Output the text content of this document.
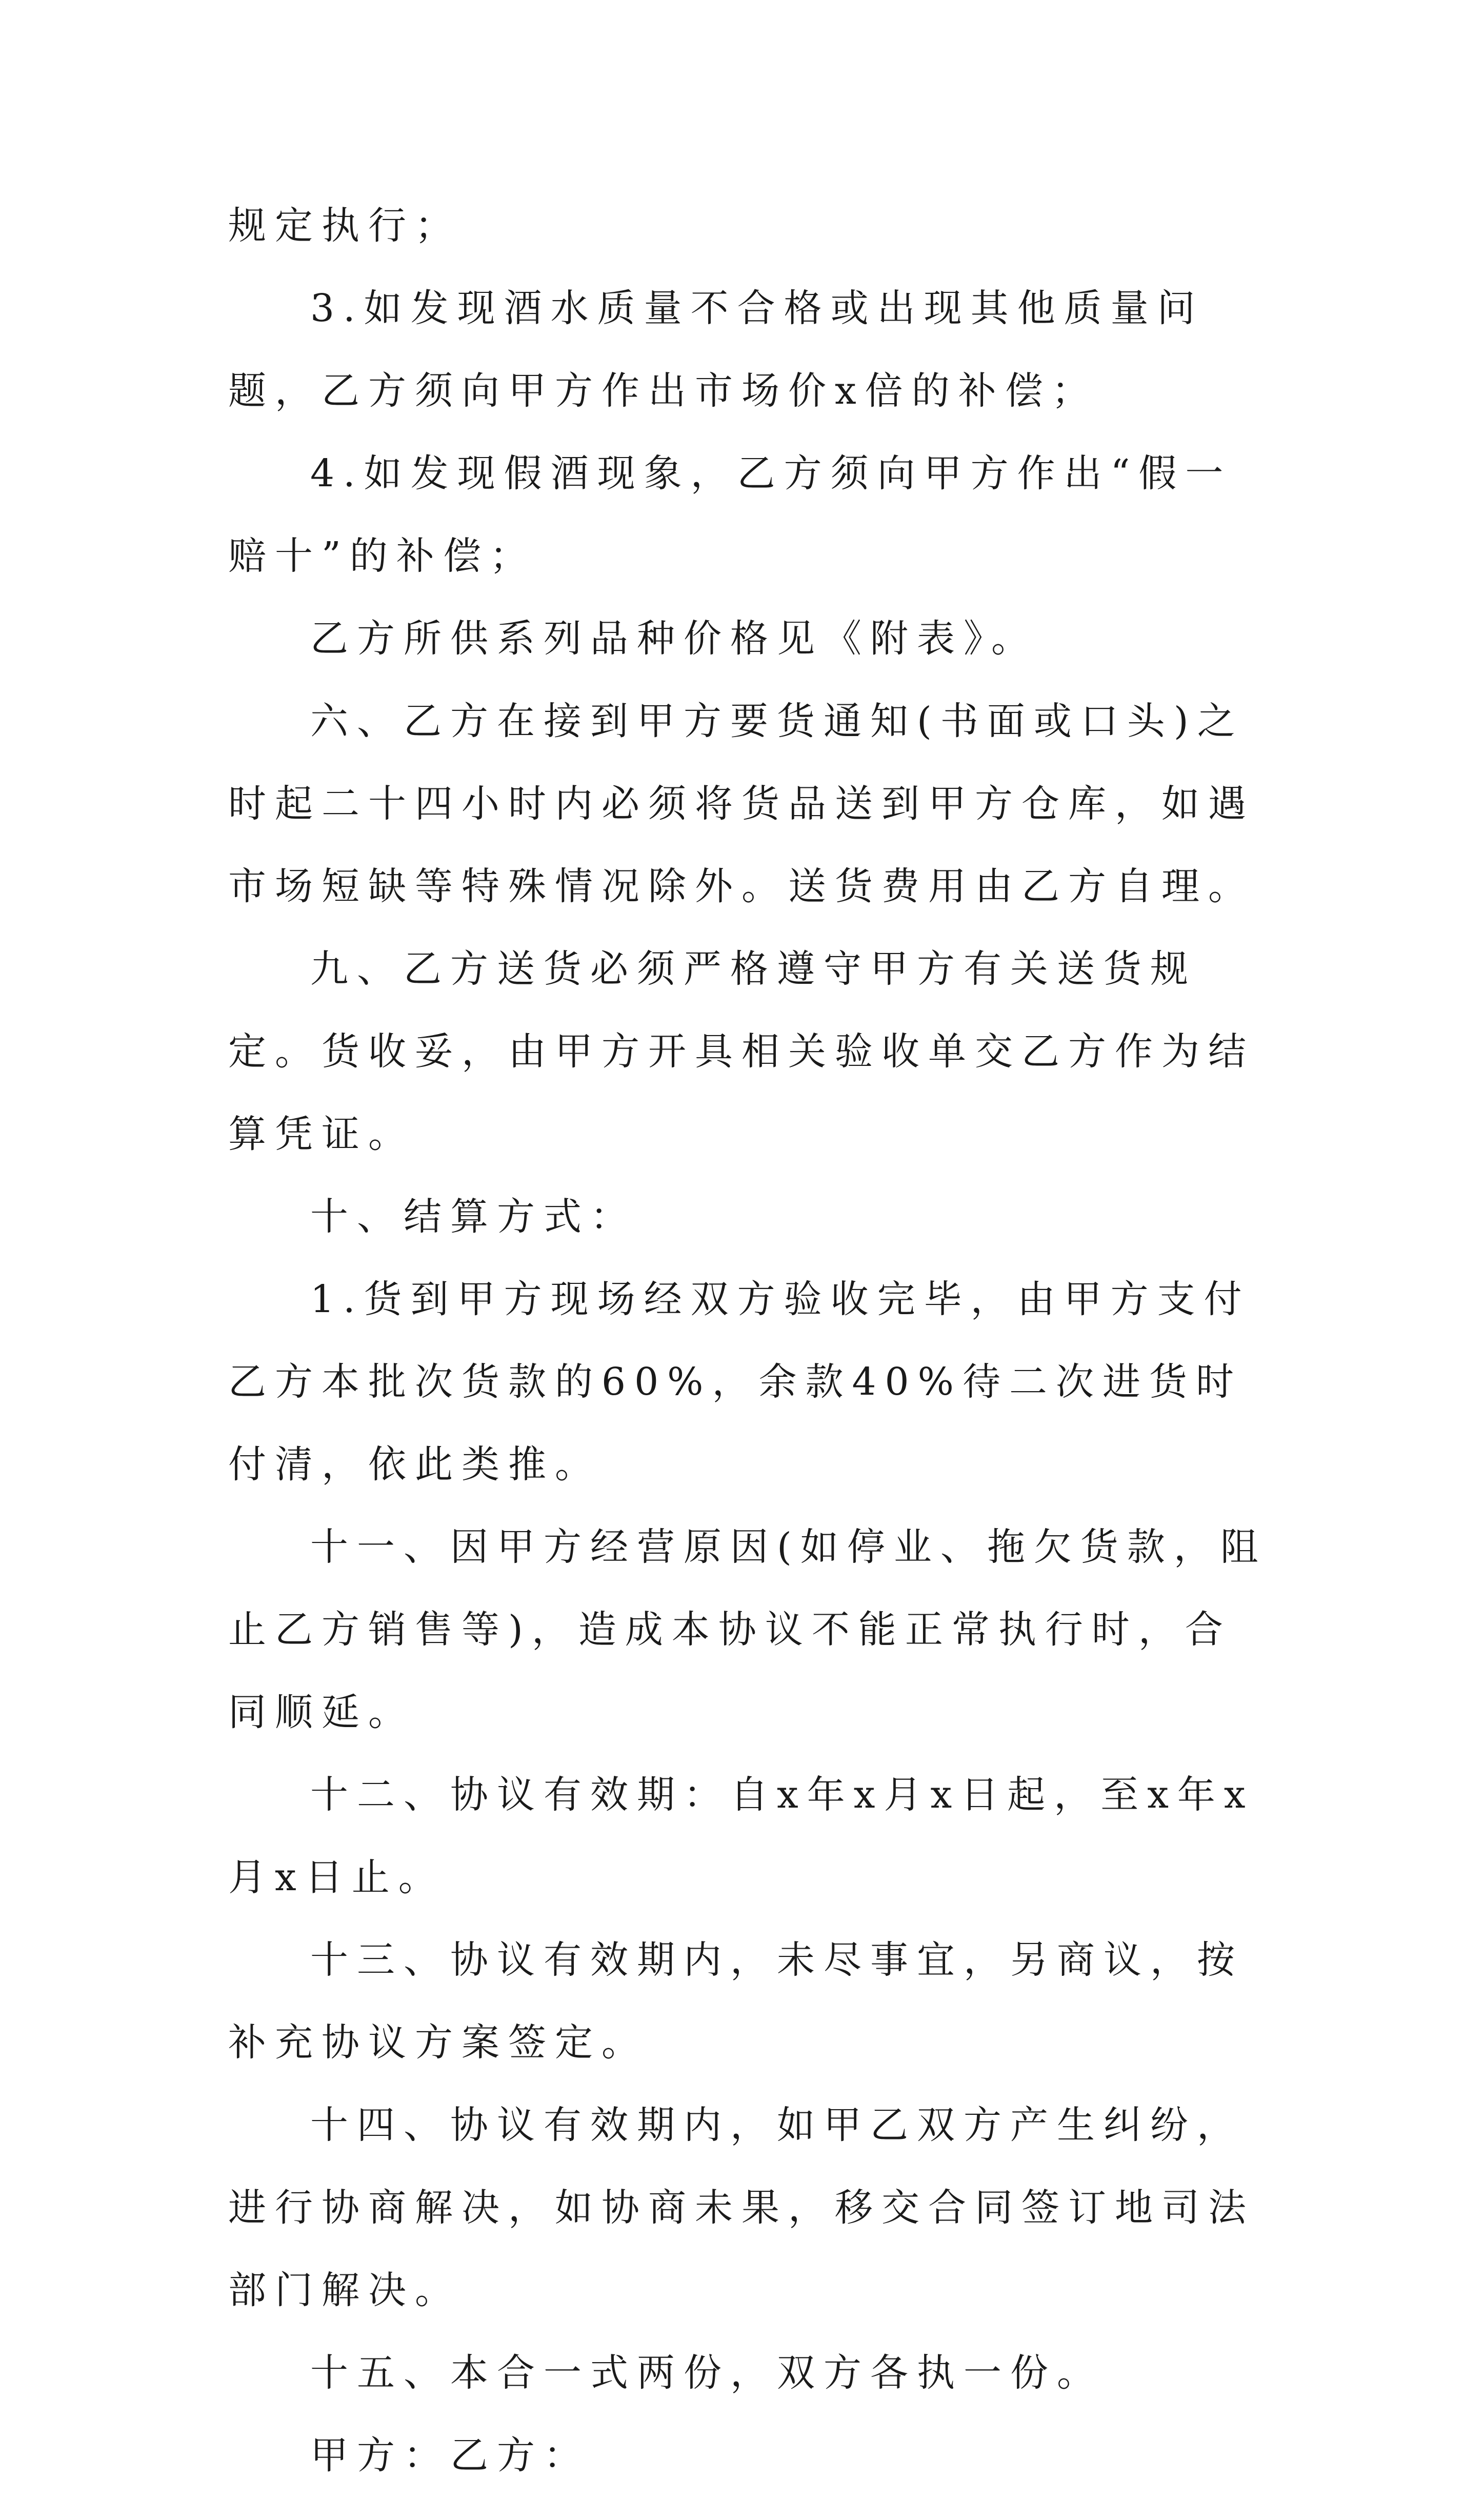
规定执行；

3.如发现酒水质量不合格或出现其他质量问题，乙方须向甲方作出市场价x倍的补偿；

4.如发现假酒现象，乙方须向甲方作出“假一赔十”的补偿；

乙方所供系列品种价格见《附表》。

六、乙方在接到甲方要货通知(书面或口头)之时起二十四小时内必须将货品送到甲方仓库，如遇市场短缺等特殊情况除外。送货费用由乙方自理。

九、乙方送货必须严格遵守甲方有关送货规定。货收妥，由甲方开具相关验收单交乙方作为结算凭证。

十、结算方式：

1.货到甲方现场经双方验收完毕，由甲方支付乙方本批次货款的60%，余款40%待二次进货时付清，依此类推。

十一、因甲方经营原因(如停业、拖欠货款，阻止乙方销售等)，造成本协议不能正常执行时，合同顺延。

十二、协议有效期：自x年x月x日起，至x年x月x日止。

十三、协议有效期内，未尽事宜，另商议，按补充协议方案签定。

十四、协议有效期内，如甲乙双方产生纠纷，进行协商解决，如协商未果，移交合同签订地司法部门解决。

十五、本合一式两份，双方各执一份。

甲方：乙方：
